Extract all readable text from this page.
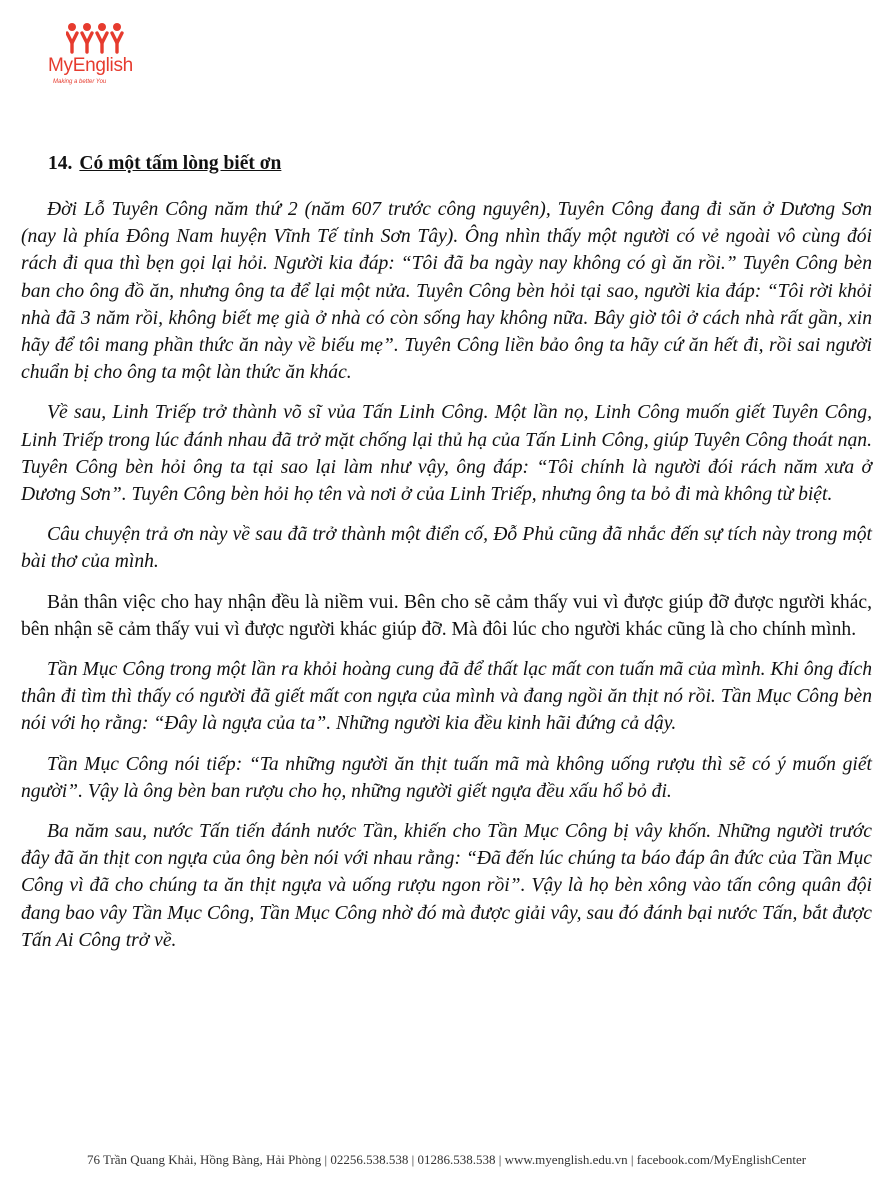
MyEnglish
Making a better You
14. Có một tấm lòng biết ơn

Đời Lỗ Tuyên Công năm thứ 2 (năm 607 trước công nguyên), Tuyên Công đang đi săn ở Dương Sơn (nay là phía Đông Nam huyện Vĩnh Tế tỉnh Sơn Tây). Ông nhìn thấy một người có vẻ ngoài vô cùng đói rách đi qua thì bẹn gọi lại hỏi. Người kia đáp: “Tôi đã ba ngày nay không có gì ăn rồi.” Tuyên Công bèn ban cho ông đồ ăn, nhưng ông ta để lại một nửa. Tuyên Công bèn hỏi tại sao, người kia đáp: “Tôi rời khỏi nhà đã 3 năm rồi, không biết mẹ già ở nhà có còn sống hay không nữa. Bây giờ tôi ở cách nhà rất gần, xin hãy để tôi mang phần thức ăn này về biếu mẹ”. Tuyên Công liền bảo ông ta hãy cứ ăn hết đi, rồi sai người chuẩn bị cho ông ta một làn thức ăn khác.

Về sau, Linh Triếp trở thành võ sĩ vủa Tấn Linh Công. Một lần nọ, Linh Công muốn giết Tuyên Công, Linh Triếp trong lúc đánh nhau đã trở mặt chống lại thủ hạ của Tấn Linh Công, giúp Tuyên Công thoát nạn. Tuyên Công bèn hỏi ông ta tại sao lại làm như vậy, ông đáp: “Tôi chính là người đói rách năm xưa ở Dương Sơn”. Tuyên Công bèn hỏi họ tên và nơi ở của Linh Triếp, nhưng ông ta bỏ đi mà không từ biệt.

Câu chuyện trả ơn này về sau đã trở thành một điển cố, Đỗ Phủ cũng đã nhắc đến sự tích này trong một bài thơ của mình.

Bản thân việc cho hay nhận đều là niềm vui. Bên cho sẽ cảm thấy vui vì được giúp đỡ được người khác, bên nhận sẽ cảm thấy vui vì được người khác giúp đỡ. Mà đôi lúc cho người khác cũng là cho chính mình.

Tần Mục Công trong một lần ra khỏi hoàng cung đã để thất lạc mất con tuấn mã của mình. Khi ông đích thân đi tìm thì thấy có người đã giết mất con ngựa của mình và đang ngồi ăn thịt nó rồi. Tần Mục Công bèn nói với họ rằng: “Đây là ngựa của ta”. Những người kia đều kinh hãi đứng cả dậy.

Tần Mục Công nói tiếp: “Ta những người ăn thịt tuấn mã mà không uống rượu thì sẽ có ý muốn giết người”. Vậy là ông bèn ban rượu cho họ, những người giết ngựa đều xấu hổ bỏ đi.

Ba năm sau, nước Tấn tiến đánh nước Tần, khiến cho Tần Mục Công bị vây khốn. Những người trước đây đã ăn thịt con ngựa của ông bèn nói với nhau rằng: “Đã đến lúc chúng ta báo đáp ân đức của Tần Mục Công vì đã cho chúng ta ăn thịt ngựa và uống rượu ngon rồi”. Vậy là họ bèn xông vào tấn công quân đội đang bao vây Tần Mục Công, Tần Mục Công nhờ đó mà được giải vây, sau đó đánh bại nước Tấn, bắt được Tấn Ai Công trở về.

76 Trần Quang Khải, Hồng Bàng, Hải Phòng | 02256.538.538 | 01286.538.538 | www.myenglish.edu.vn | facebook.com/MyEnglishCenter
